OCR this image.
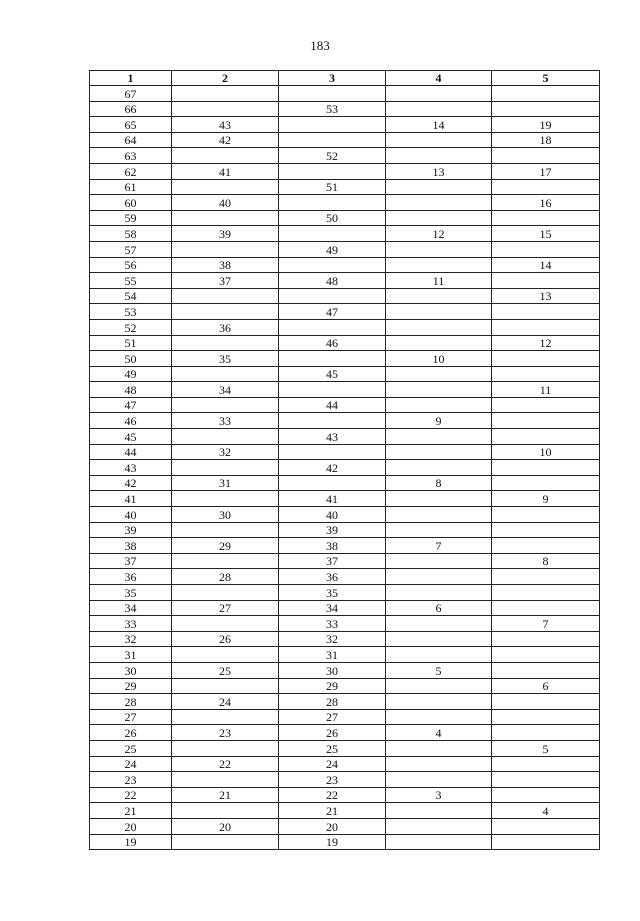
183
1	2	3	4	5
67				
66		53		
65	43		14	19
64	42			18
63		52		
62	41		13	17
61		51		
60	40			16
59		50		
58	39		12	15
57		49		
56	38			14
55	37	48	11	
54				13
53		47		
52	36			
51		46		12
50	35		10	
49		45		
48	34			11
47		44		
46	33		9	
45		43		
44	32			10
43		42		
42	31		8	
41		41		9
40	30	40		
39		39		
38	29	38	7	
37		37		8
36	28	36		
35		35		
34	27	34	6	
33		33		7
32	26	32		
31		31		
30	25	30	5	
29		29		6
28	24	28		
27		27		
26	23	26	4	
25		25		5
24	22	24		
23		23		
22	21	22	3	
21		21		4
20	20	20		
19		19		
